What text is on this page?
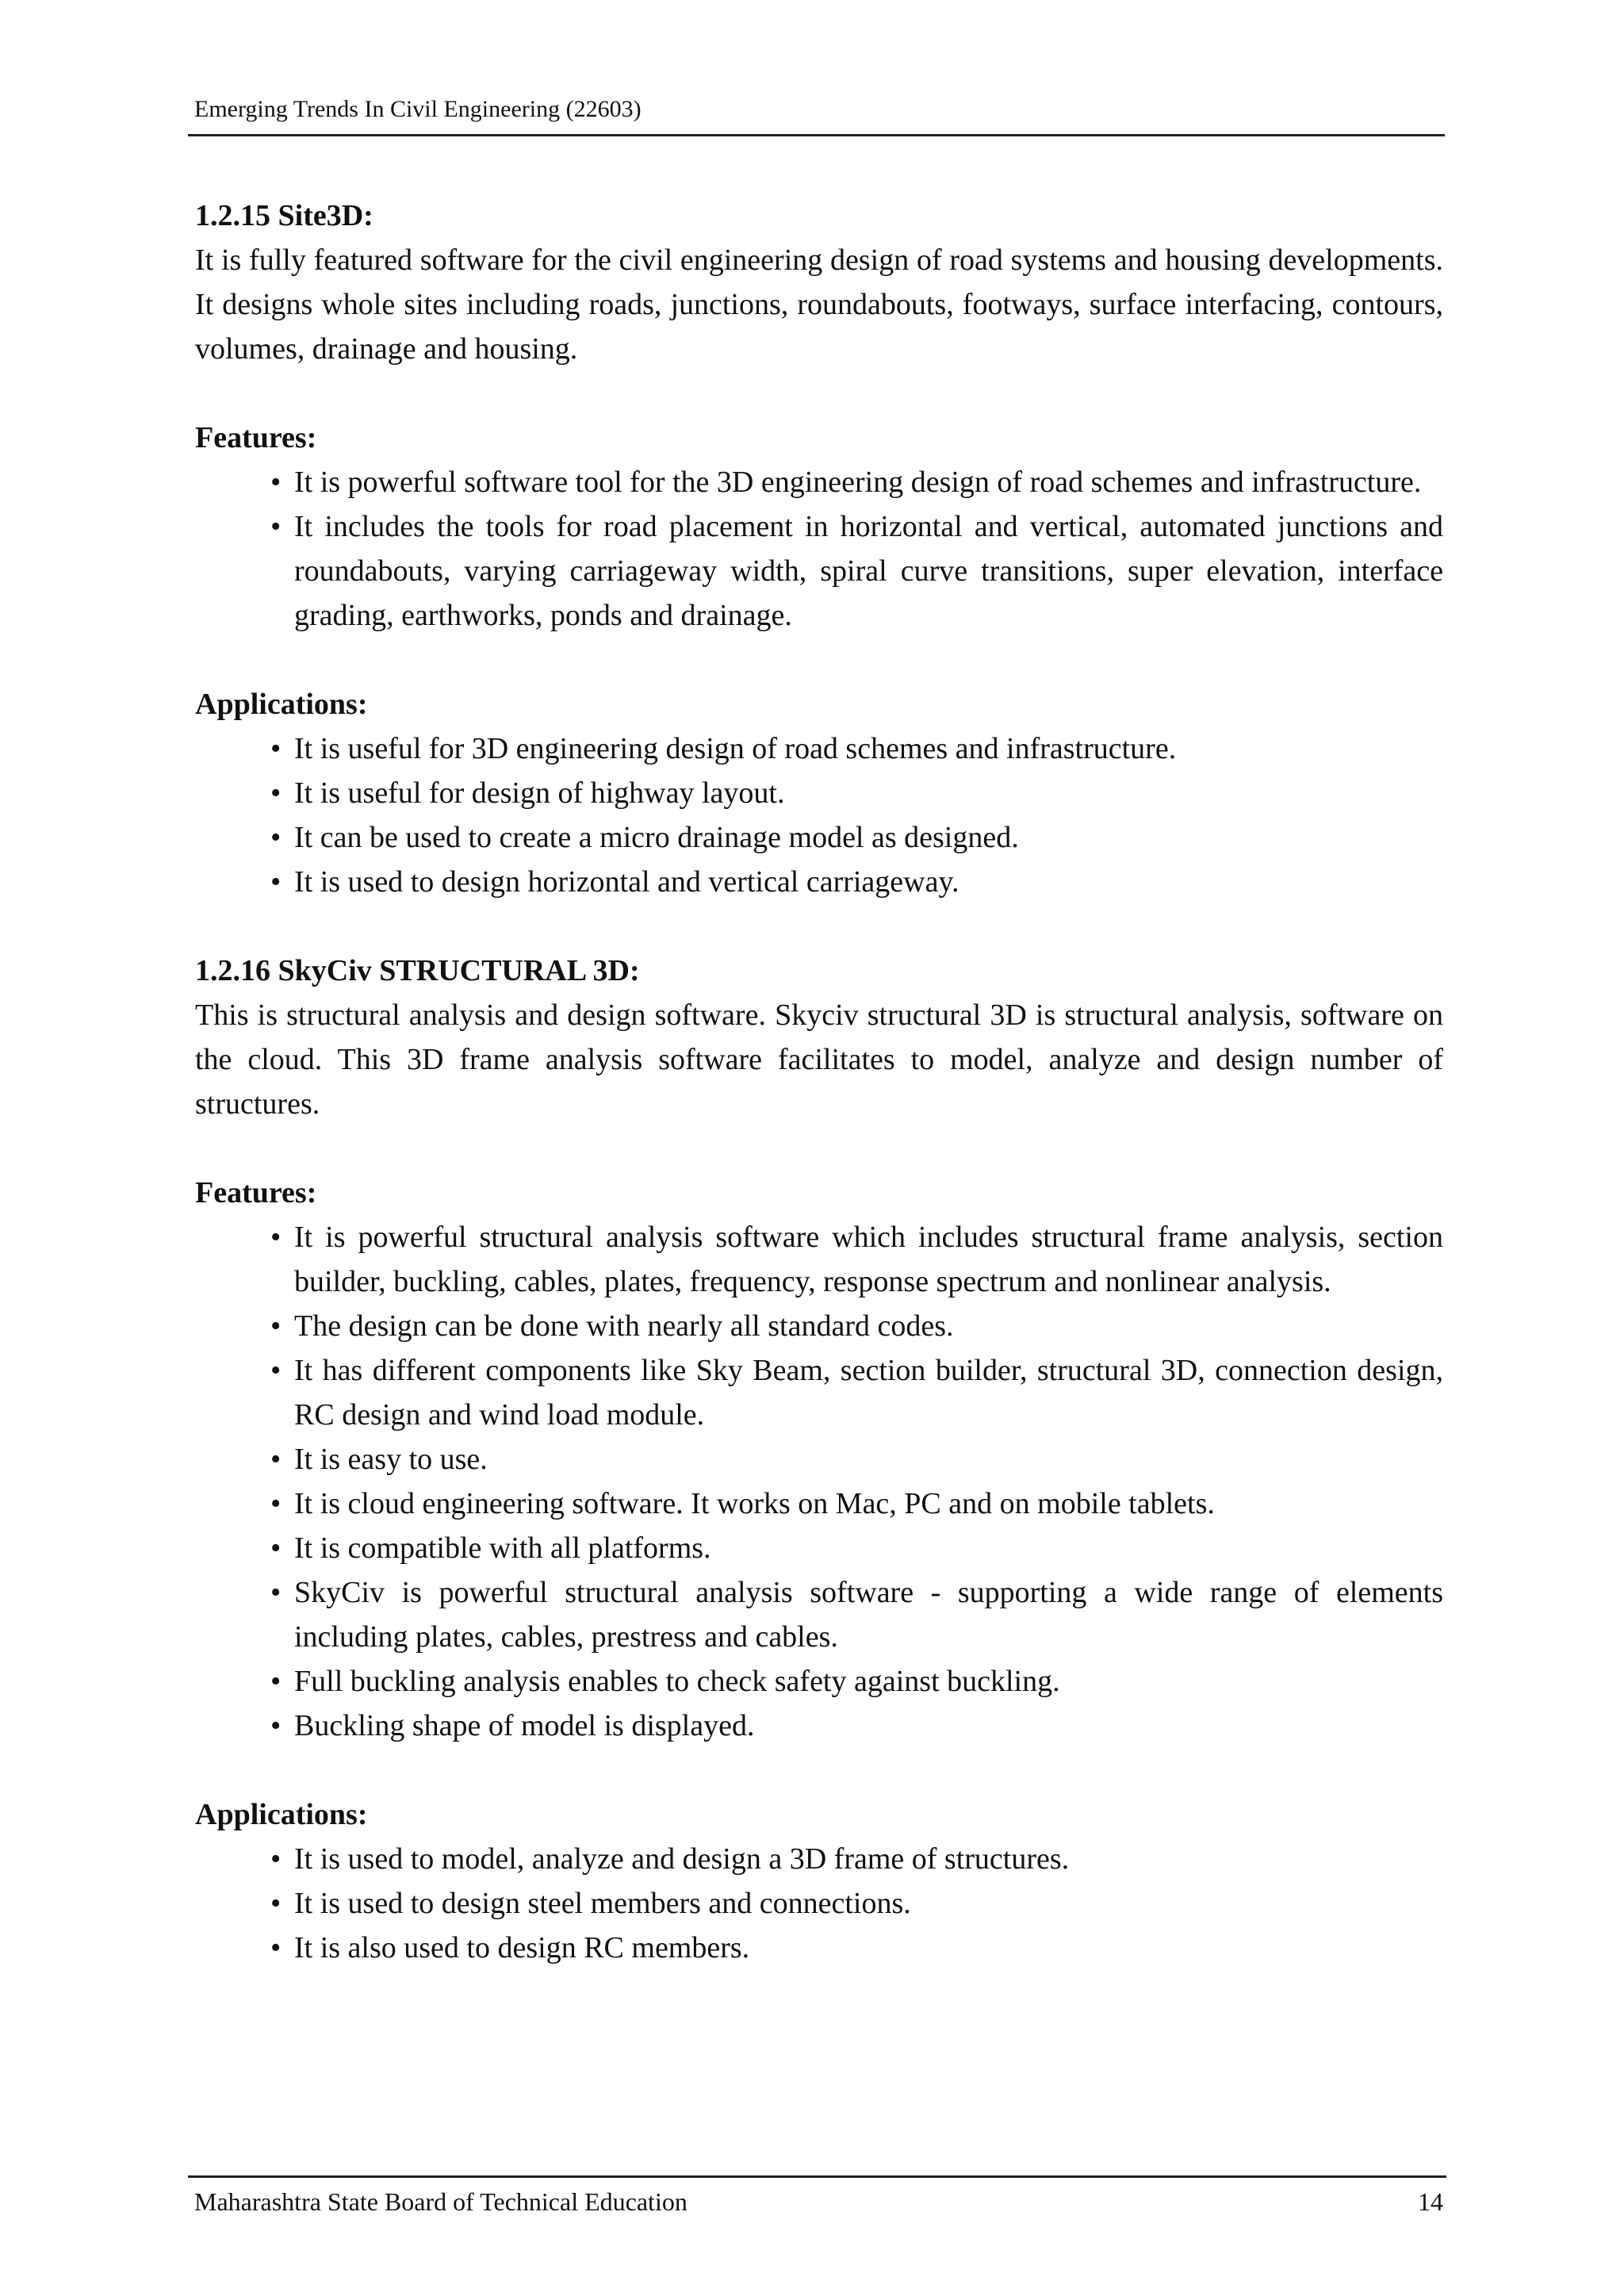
Emerging Trends In Civil Engineering (22603)

1.2.15 Site3D:

It is fully featured software for the civil engineering design of road systems and housing developments. It designs whole sites including roads, junctions, roundabouts, footways, surface interfacing, contours, volumes, drainage and housing.

Features:

• It is powerful software tool for the 3D engineering design of road schemes and infrastructure.
• It includes the tools for road placement in horizontal and vertical, automated junctions and roundabouts, varying carriageway width, spiral curve transitions, super elevation, interface grading, earthworks, ponds and drainage.

Applications:

• It is useful for 3D engineering design of road schemes and infrastructure.
• It is useful for design of highway layout.
• It can be used to create a micro drainage model as designed.
• It is used to design horizontal and vertical carriageway.

1.2.16 SkyCiv STRUCTURAL 3D:

This is structural analysis and design software. Skyciv structural 3D is structural analysis, software on the cloud. This 3D frame analysis software facilitates to model, analyze and design number of structures.

Features:

• It is powerful structural analysis software which includes structural frame analysis, section builder, buckling, cables, plates, frequency, response spectrum and nonlinear analysis.
• The design can be done with nearly all standard codes.
• It has different components like Sky Beam, section builder, structural 3D, connection design, RC design and wind load module.
• It is easy to use.
• It is cloud engineering software. It works on Mac, PC and on mobile tablets.
• It is compatible with all platforms.
• SkyCiv is powerful structural analysis software - supporting a wide range of elements including plates, cables, prestress and cables.
• Full buckling analysis enables to check safety against buckling.
• Buckling shape of model is displayed.

Applications:

• It is used to model, analyze and design a 3D frame of structures.
• It is used to design steel members and connections.
• It is also used to design RC members.
Maharashtra State Board of Technical Education	14
